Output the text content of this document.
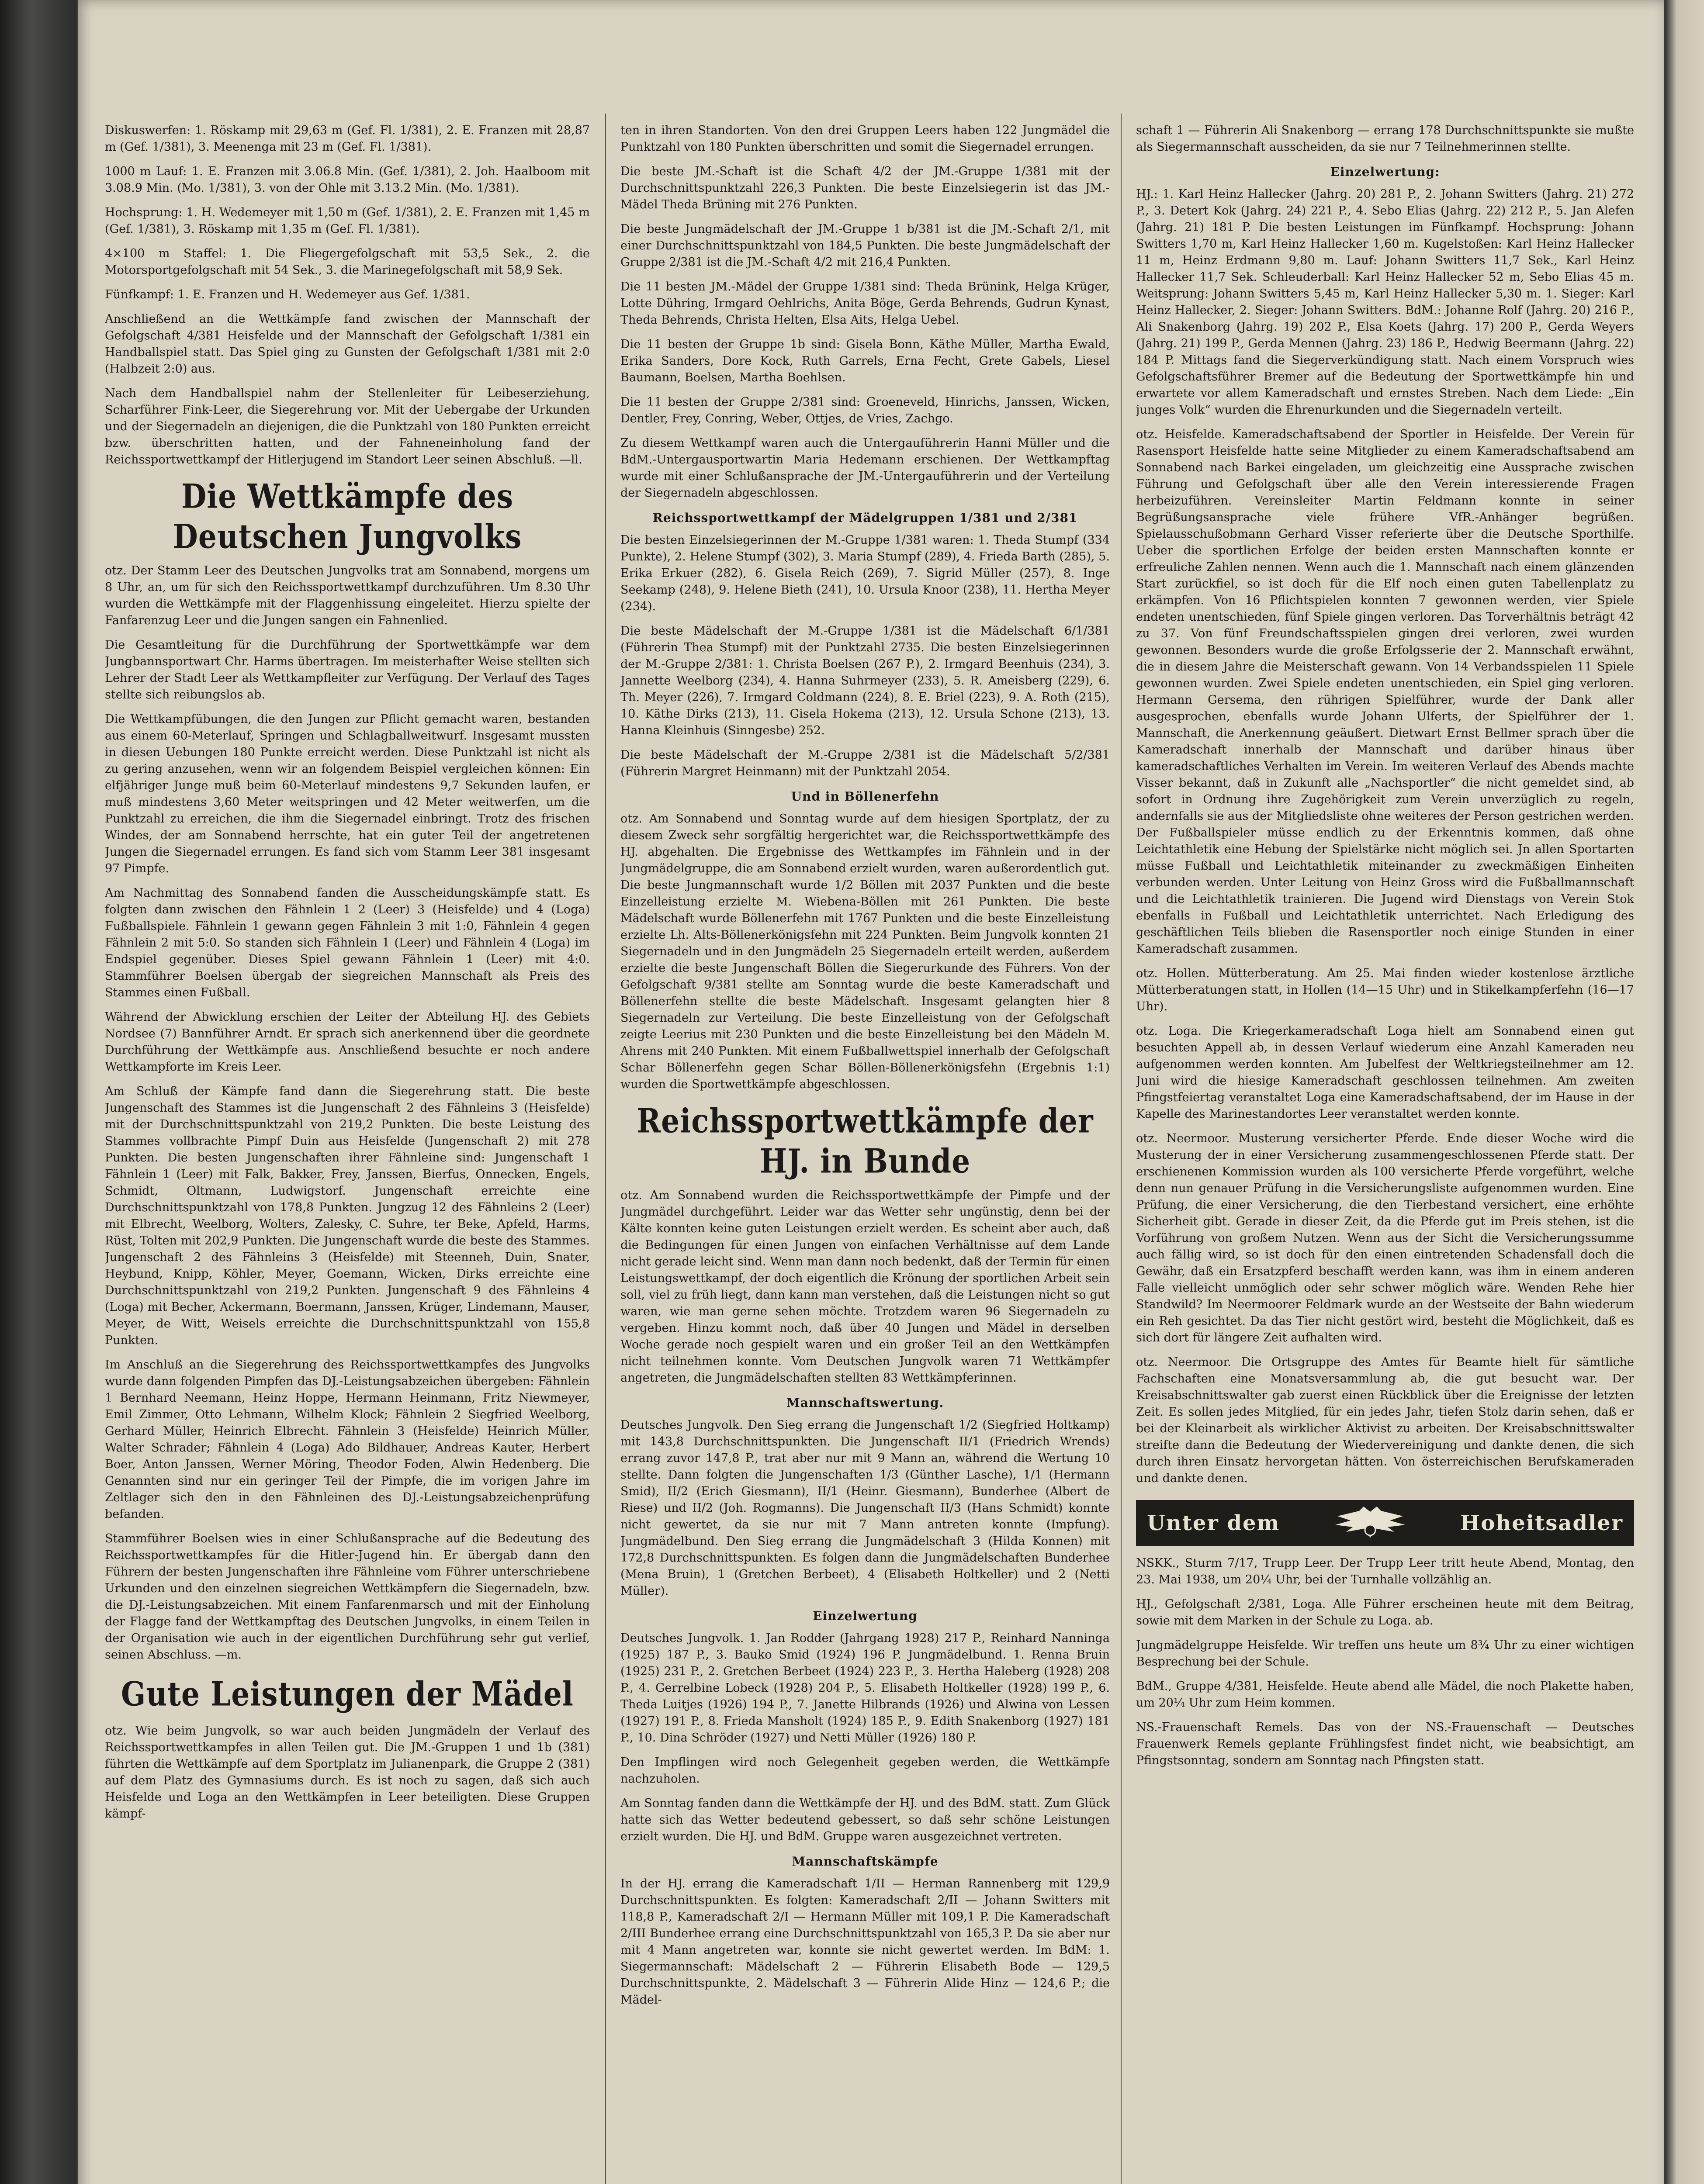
Diskuswerfen: 1. Röskamp mit 29,63 m (Gef. Fl. 1/381), 2. E. Franzen mit 28,87 m (Gef. 1/381), 3. Meenenga mit 23 m (Gef. Fl. 1/381).

1000 m Lauf: 1. E. Franzen mit 3.06.8 Min. (Gef. 1/381), 2. Joh. Haalboom mit 3.08.9 Min. (Mo. 1/381), 3. von der Ohle mit 3.13.2 Min. (Mo. 1/381).

Hochsprung: 1. H. Wedemeyer mit 1,50 m (Gef. 1/381), 2. E. Franzen mit 1,45 m (Gef. 1/381), 3. Röskamp mit 1,35 m (Gef. Fl. 1/381).

4×100 m Staffel: 1. Die Fliegergefolgschaft mit 53,5 Sek., 2. die Motorsportgefolgschaft mit 54 Sek., 3. die Marinegefolgschaft mit 58,9 Sek.

Fünfkampf: 1. E. Franzen und H. Wedemeyer aus Gef. 1/381.

Anschließend an die Wettkämpfe fand zwischen der Mannschaft der Gefolgschaft 4/381 Heisfelde und der Mannschaft der Gefolgschaft 1/381 ein Handballspiel statt. Das Spiel ging zu Gunsten der Gefolgschaft 1/381 mit 2:0 (Halbzeit 2:0) aus.

Nach dem Handballspiel nahm der Stellenleiter für Leibeserziehung, Scharführer Fink-Leer, die Siegerehrung vor. Mit der Uebergabe der Urkunden und der Siegernadeln an diejenigen, die die Punktzahl von 180 Punkten erreicht bzw. überschritten hatten, und der Fahneneinholung fand der Reichssportwettkampf der Hitlerjugend im Standort Leer seinen Abschluß. —ll.

Die Wettkämpfe des Deutschen Jungvolks

otz. Der Stamm Leer des Deutschen Jungvolks trat am Sonnabend, morgens um 8 Uhr, an, um für sich den Reichssportwettkampf durchzuführen. Um 8.30 Uhr wurden die Wettkämpfe mit der Flaggenhissung eingeleitet. Hierzu spielte der Fanfarenzug Leer und die Jungen sangen ein Fahnenlied.

Die Gesamtleitung für die Durchführung der Sportwettkämpfe war dem Jungbannsportwart Chr. Harms übertragen. Im meisterhafter Weise stellten sich Lehrer der Stadt Leer als Wettkampfleiter zur Verfügung. Der Verlauf des Tages stellte sich reibungslos ab.

Die Wettkampfübungen, die den Jungen zur Pflicht gemacht waren, bestanden aus einem 60-Meterlauf, Springen und Schlagballweitwurf. Insgesamt mussten in diesen Uebungen 180 Punkte erreicht werden. Diese Punktzahl ist nicht als zu gering anzusehen, wenn wir an folgendem Beispiel vergleichen können: Ein elfjähriger Junge muß beim 60-Meterlauf mindestens 9,7 Sekunden laufen, er muß mindestens 3,60 Meter weitspringen und 42 Meter weitwerfen, um die Punktzahl zu erreichen, die ihm die Siegernadel einbringt. Trotz des frischen Windes, der am Sonnabend herrschte, hat ein guter Teil der angetretenen Jungen die Siegernadel errungen. Es fand sich vom Stamm Leer 381 insgesamt 97 Pimpfe.

Am Nachmittag des Sonnabend fanden die Ausscheidungskämpfe statt. Es folgten dann zwischen den Fähnlein 1 2 (Leer) 3 (Heisfelde) und 4 (Loga) Fußballspiele. Fähnlein 1 gewann gegen Fähnlein 3 mit 1:0, Fähnlein 4 gegen Fähnlein 2 mit 5:0. So standen sich Fähnlein 1 (Leer) und Fähnlein 4 (Loga) im Endspiel gegenüber. Dieses Spiel gewann Fähnlein 1 (Leer) mit 4:0. Stammführer Boelsen übergab der siegreichen Mannschaft als Preis des Stammes einen Fußball.

Während der Abwicklung erschien der Leiter der Abteilung HJ. des Gebiets Nordsee (7) Bannführer Arndt. Er sprach sich anerkennend über die geordnete Durchführung der Wettkämpfe aus. Anschließend besuchte er noch andere Wettkampforte im Kreis Leer.

Am Schluß der Kämpfe fand dann die Siegerehrung statt. Die beste Jungenschaft des Stammes ist die Jungenschaft 2 des Fähnleins 3 (Heisfelde) mit der Durchschnittspunktzahl von 219,2 Punkten. Die beste Leistung des Stammes vollbrachte Pimpf Duin aus Heisfelde (Jungenschaft 2) mit 278 Punkten. Die besten Jungenschaften ihrer Fähnleine sind: Jungenschaft 1 Fähnlein 1 (Leer) mit Falk, Bakker, Frey, Janssen, Bierfus, Onnecken, Engels, Schmidt, Oltmann, Ludwigstorf. Jungenschaft erreichte eine Durchschnittspunktzahl von 178,8 Punkten. Jungzug 12 des Fähnleins 2 (Leer) mit Elbrecht, Weelborg, Wolters, Zalesky, C. Suhre, ter Beke, Apfeld, Harms, Rüst, Tolten mit 202,9 Punkten. Die Jungenschaft wurde die beste des Stammes. Jungenschaft 2 des Fähnleins 3 (Heisfelde) mit Steenneh, Duin, Snater, Heybund, Knipp, Köhler, Meyer, Goemann, Wicken, Dirks erreichte eine Durchschnittspunktzahl von 219,2 Punkten. Jungenschaft 9 des Fähnleins 4 (Loga) mit Becher, Ackermann, Boermann, Janssen, Krüger, Lindemann, Mauser, Meyer, de Witt, Weisels erreichte die Durchschnittspunktzahl von 155,8 Punkten.

Im Anschluß an die Siegerehrung des Reichssportwettkampfes des Jungvolks wurde dann folgenden Pimpfen das DJ.-Leistungsabzeichen übergeben: Fähnlein 1 Bernhard Neemann, Heinz Hoppe, Hermann Heinmann, Fritz Niewmeyer, Emil Zimmer, Otto Lehmann, Wilhelm Klock; Fähnlein 2 Siegfried Weelborg, Gerhard Müller, Heinrich Elbrecht. Fähnlein 3 (Heisfelde) Heinrich Müller, Walter Schrader; Fähnlein 4 (Loga) Ado Bildhauer, Andreas Kauter, Herbert Boer, Anton Janssen, Werner Möring, Theodor Foden, Alwin Hedenberg. Die Genannten sind nur ein geringer Teil der Pimpfe, die im vorigen Jahre im Zeltlager sich den in den Fähnleinen des DJ.-Leistungsabzeichenprüfung befanden.

Stammführer Boelsen wies in einer Schlußansprache auf die Bedeutung des Reichssportwettkampfes für die Hitler-Jugend hin. Er übergab dann den Führern der besten Jungenschaften ihre Fähnleine vom Führer unterschriebene Urkunden und den einzelnen siegreichen Wettkämpfern die Siegernadeln, bzw. die DJ.-Leistungsabzeichen. Mit einem Fanfarenmarsch und mit der Einholung der Flagge fand der Wettkampftag des Deutschen Jungvolks, in einem Teilen in der Organisation wie auch in der eigentlichen Durchführung sehr gut verlief, seinen Abschluss. —m.

Gute Leistungen der Mädel

otz. Wie beim Jungvolk, so war auch beiden Jungmädeln der Verlauf des Reichssportwettkampfes in allen Teilen gut. Die JM.-Gruppen 1 und 1b (381) führten die Wettkämpfe auf dem Sportplatz im Julianenpark, die Gruppe 2 (381) auf dem Platz des Gymnasiums durch. Es ist noch zu sagen, daß sich auch Heisfelde und Loga an den Wettkämpfen in Leer beteiligten. Diese Gruppen kämpf-

ten in ihren Standorten. Von den drei Gruppen Leers haben 122 Jungmädel die Punktzahl von 180 Punkten überschritten und somit die Siegernadel errungen.

Die beste JM.-Schaft ist die Schaft 4/2 der JM.-Gruppe 1/381 mit der Durchschnittspunktzahl 226,3 Punkten. Die beste Einzelsiegerin ist das JM.-Mädel Theda Brüning mit 276 Punkten.

Die beste Jungmädelschaft der JM.-Gruppe 1 b/381 ist die JM.-Schaft 2/1, mit einer Durchschnittspunktzahl von 184,5 Punkten. Die beste Jungmädelschaft der Gruppe 2/381 ist die JM.-Schaft 4/2 mit 216,4 Punkten.

Die 11 besten JM.-Mädel der Gruppe 1/381 sind: Theda Brünink, Helga Krüger, Lotte Dühring, Irmgard Oehlrichs, Anita Böge, Gerda Behrends, Gudrun Kynast, Theda Behrends, Christa Helten, Elsa Aits, Helga Uebel.

Die 11 besten der Gruppe 1b sind: Gisela Bonn, Käthe Müller, Martha Ewald, Erika Sanders, Dore Kock, Ruth Garrels, Erna Fecht, Grete Gabels, Liesel Baumann, Boelsen, Martha Boehlsen.

Die 11 besten der Gruppe 2/381 sind: Groeneveld, Hinrichs, Janssen, Wicken, Dentler, Frey, Conring, Weber, Ottjes, de Vries, Zachgo.

Zu diesem Wettkampf waren auch die Untergauführerin Hanni Müller und die BdM.-Untergausportwartin Maria Hedemann erschienen. Der Wettkampftag wurde mit einer Schlußansprache der JM.-Untergauführerin und der Verteilung der Siegernadeln abgeschlossen.

Reichssportwettkampf der Mädelgruppen 1/381 und 2/381

Die besten Einzelsiegerinnen der M.-Gruppe 1/381 waren: 1. Theda Stumpf (334 Punkte), 2. Helene Stumpf (302), 3. Maria Stumpf (289), 4. Frieda Barth (285), 5. Erika Erkuer (282), 6. Gisela Reich (269), 7. Sigrid Müller (257), 8. Inge Seekamp (248), 9. Helene Bieth (241), 10. Ursula Knoor (238), 11. Hertha Meyer (234).

Die beste Mädelschaft der M.-Gruppe 1/381 ist die Mädelschaft 6/1/381 (Führerin Thea Stumpf) mit der Punktzahl 2735. Die besten Einzelsiegerinnen der M.-Gruppe 2/381: 1. Christa Boelsen (267 P.), 2. Irmgard Beenhuis (234), 3. Jannette Weelborg (234), 4. Hanna Suhrmeyer (233), 5. R. Ameisberg (229), 6. Th. Meyer (226), 7. Irmgard Coldmann (224), 8. E. Briel (223), 9. A. Roth (215), 10. Käthe Dirks (213), 11. Gisela Hokema (213), 12. Ursula Schone (213), 13. Hanna Kleinhuis (Sinngesbe) 252.

Die beste Mädelschaft der M.-Gruppe 2/381 ist die Mädelschaft 5/2/381 (Führerin Margret Heinmann) mit der Punktzahl 2054.

Und in Böllenerfehn

otz. Am Sonnabend und Sonntag wurde auf dem hiesigen Sportplatz, der zu diesem Zweck sehr sorgfältig hergerichtet war, die Reichssportwettkämpfe des HJ. abgehalten. Die Ergebnisse des Wettkampfes im Fähnlein und in der Jungmädelgruppe, die am Sonnabend erzielt wurden, waren außerordentlich gut. Die beste Jungmannschaft wurde 1/2 Böllen mit 2037 Punkten und die beste Einzelleistung erzielte M. Wiebena-Böllen mit 261 Punkten. Die beste Mädelschaft wurde Böllenerfehn mit 1767 Punkten und die beste Einzelleistung erzielte Lh. Alts-Böllenerkönigsfehn mit 224 Punkten. Beim Jungvolk konnten 21 Siegernadeln und in den Jungmädeln 25 Siegernadeln erteilt werden, außerdem erzielte die beste Jungenschaft Böllen die Siegerurkunde des Führers. Von der Gefolgschaft 9/381 stellte am Sonntag wurde die beste Kameradschaft und Böllenerfehn stellte die beste Mädelschaft. Insgesamt gelangten hier 8 Siegernadeln zur Verteilung. Die beste Einzelleistung von der Gefolgschaft zeigte Leerius mit 230 Punkten und die beste Einzelleistung bei den Mädeln M. Ahrens mit 240 Punkten. Mit einem Fußballwettspiel innerhalb der Gefolgschaft Schar Böllenerfehn gegen Schar Böllen-Böllenerkönigsfehn (Ergebnis 1:1) wurden die Sportwettkämpfe abgeschlossen.

Reichssportwettkämpfe der HJ. in Bunde

otz. Am Sonnabend wurden die Reichssportwettkämpfe der Pimpfe und der Jungmädel durchgeführt. Leider war das Wetter sehr ungünstig, denn bei der Kälte konnten keine guten Leistungen erzielt werden. Es scheint aber auch, daß die Bedingungen für einen Jungen von einfachen Verhältnisse auf dem Lande nicht gerade leicht sind. Wenn man dann noch bedenkt, daß der Termin für einen Leistungswettkampf, der doch eigentlich die Krönung der sportlichen Arbeit sein soll, viel zu früh liegt, dann kann man verstehen, daß die Leistungen nicht so gut waren, wie man gerne sehen möchte. Trotzdem waren 96 Siegernadeln zu vergeben. Hinzu kommt noch, daß über 40 Jungen und Mädel in derselben Woche gerade noch gespielt waren und ein großer Teil an den Wettkämpfen nicht teilnehmen konnte. Vom Deutschen Jungvolk waren 71 Wettkämpfer angetreten, die Jungmädelschaften stellten 83 Wettkämpferinnen.

Mannschaftswertung.

Deutsches Jungvolk. Den Sieg errang die Jungenschaft 1/2 (Siegfried Holtkamp) mit 143,8 Durchschnittspunkten. Die Jungenschaft II/1 (Friedrich Wrends) errang zuvor 147,8 P., trat aber nur mit 9 Mann an, während die Wertung 10 stellte. Dann folgten die Jungenschaften 1/3 (Günther Lasche), 1/1 (Hermann Smid), II/2 (Erich Giesmann), II/1 (Heinr. Giesmann), Bunderhee (Albert de Riese) und II/2 (Joh. Rogmanns). Die Jungenschaft II/3 (Hans Schmidt) konnte nicht gewertet, da sie nur mit 7 Mann antreten konnte (Impfung). Jungmädelbund. Den Sieg errang die Jungmädelschaft 3 (Hilda Konnen) mit 172,8 Durchschnittspunkten. Es folgen dann die Jungmädelschaften Bunderhee (Mena Bruin), 1 (Gretchen Berbeet), 4 (Elisabeth Holtkeller) und 2 (Netti Müller).

Einzelwertung

Deutsches Jungvolk. 1. Jan Rodder (Jahrgang 1928) 217 P., Reinhard Nanninga (1925) 187 P., 3. Bauko Smid (1924) 196 P. Jungmädelbund. 1. Renna Bruin (1925) 231 P., 2. Gretchen Berbeet (1924) 223 P., 3. Hertha Haleberg (1928) 208 P., 4. Gerrelbine Lobeck (1928) 204 P., 5. Elisabeth Holtkeller (1928) 199 P., 6. Theda Luitjes (1926) 194 P., 7. Janette Hilbrands (1926) und Alwina von Lessen (1927) 191 P., 8. Frieda Mansholt (1924) 185 P., 9. Edith Snakenborg (1927) 181 P., 10. Dina Schröder (1927) und Netti Müller (1926) 180 P.

Den Impflingen wird noch Gelegenheit gegeben werden, die Wettkämpfe nachzuholen.

Am Sonntag fanden dann die Wettkämpfe der HJ. und des BdM. statt. Zum Glück hatte sich das Wetter bedeutend gebessert, so daß sehr schöne Leistungen erzielt wurden. Die HJ. und BdM. Gruppe waren ausgezeichnet vertreten.

Mannschaftskämpfe

In der HJ. errang die Kameradschaft 1/II — Herman Rannenberg mit 129,9 Durchschnittspunkten. Es folgten: Kameradschaft 2/II — Johann Switters mit 118,8 P., Kameradschaft 2/I — Hermann Müller mit 109,1 P. Die Kameradschaft 2/III Bunderhee errang eine Durchschnittspunktzahl von 165,3 P. Da sie aber nur mit 4 Mann angetreten war, konnte sie nicht gewertet werden. Im BdM: 1. Siegermannschaft: Mädelschaft 2 — Führerin Elisabeth Bode — 129,5 Durchschnittspunkte, 2. Mädelschaft 3 — Führerin Alide Hinz — 124,6 P.; die Mädel-

schaft 1 — Führerin Ali Snakenborg — errang 178 Durchschnittspunkte sie mußte als Siegermannschaft ausscheiden, da sie nur 7 Teilnehmerinnen stellte.

Einzelwertung:

HJ.: 1. Karl Heinz Hallecker (Jahrg. 20) 281 P., 2. Johann Switters (Jahrg. 21) 272 P., 3. Detert Kok (Jahrg. 24) 221 P., 4. Sebo Elias (Jahrg. 22) 212 P., 5. Jan Alefen (Jahrg. 21) 181 P. Die besten Leistungen im Fünfkampf. Hochsprung: Johann Switters 1,70 m, Karl Heinz Hallecker 1,60 m. Kugelstoßen: Karl Heinz Hallecker 11 m, Heinz Erdmann 9,80 m. Lauf: Johann Switters 11,7 Sek., Karl Heinz Hallecker 11,7 Sek. Schleuderball: Karl Heinz Hallecker 52 m, Sebo Elias 45 m. Weitsprung: Johann Switters 5,45 m, Karl Heinz Hallecker 5,30 m. 1. Sieger: Karl Heinz Hallecker, 2. Sieger: Johann Switters. BdM.: Johanne Rolf (Jahrg. 20) 216 P., Ali Snakenborg (Jahrg. 19) 202 P., Elsa Koets (Jahrg. 17) 200 P., Gerda Weyers (Jahrg. 21) 199 P., Gerda Mennen (Jahrg. 23) 186 P., Hedwig Beermann (Jahrg. 22) 184 P. Mittags fand die Siegerverkündigung statt. Nach einem Vorspruch wies Gefolgschaftsführer Bremer auf die Bedeutung der Sportwettkämpfe hin und erwartete vor allem Kameradschaft und ernstes Streben. Nach dem Liede: „Ein junges Volk“ wurden die Ehrenurkunden und die Siegernadeln verteilt.

otz. Heisfelde. Kameradschaftsabend der Sportler in Heisfelde. Der Verein für Rasensport Heisfelde hatte seine Mitglieder zu einem Kameradschaftsabend am Sonnabend nach Barkei eingeladen, um gleichzeitig eine Aussprache zwischen Führung und Gefolgschaft über alle den Verein interessierende Fragen herbeizuführen. Vereinsleiter Martin Feldmann konnte in seiner Begrüßungsansprache viele frühere VfR.-Anhänger begrüßen. Spielausschußobmann Gerhard Visser referierte über die Deutsche Sporthilfe. Ueber die sportlichen Erfolge der beiden ersten Mannschaften konnte er erfreuliche Zahlen nennen. Wenn auch die 1. Mannschaft nach einem glänzenden Start zurückfiel, so ist doch für die Elf noch einen guten Tabellenplatz zu erkämpfen. Von 16 Pflichtspielen konnten 7 gewonnen werden, vier Spiele endeten unentschieden, fünf Spiele gingen verloren. Das Torverhältnis beträgt 42 zu 37. Von fünf Freundschaftsspielen gingen drei verloren, zwei wurden gewonnen. Besonders wurde die große Erfolgsserie der 2. Mannschaft erwähnt, die in diesem Jahre die Meisterschaft gewann. Von 14 Verbandsspielen 11 Spiele gewonnen wurden. Zwei Spiele endeten unentschieden, ein Spiel ging verloren. Hermann Gersema, den rührigen Spielführer, wurde der Dank aller ausgesprochen, ebenfalls wurde Johann Ulferts, der Spielführer der 1. Mannschaft, die Anerkennung geäußert. Dietwart Ernst Bellmer sprach über die Kameradschaft innerhalb der Mannschaft und darüber hinaus über kameradschaftliches Verhalten im Verein. Im weiteren Verlauf des Abends machte Visser bekannt, daß in Zukunft alle „Nachsportler“ die nicht gemeldet sind, ab sofort in Ordnung ihre Zugehörigkeit zum Verein unverzüglich zu regeln, andernfalls sie aus der Mitgliedsliste ohne weiteres der Person gestrichen werden. Der Fußballspieler müsse endlich zu der Erkenntnis kommen, daß ohne Leichtathletik eine Hebung der Spielstärke nicht möglich sei. Jn allen Sportarten müsse Fußball und Leichtathletik miteinander zu zweckmäßigen Einheiten verbunden werden. Unter Leitung von Heinz Gross wird die Fußballmannschaft und die Leichtathletik trainieren. Die Jugend wird Dienstags von Verein Stok ebenfalls in Fußball und Leichtathletik unterrichtet. Nach Erledigung des geschäftlichen Teils blieben die Rasensportler noch einige Stunden in einer Kameradschaft zusammen.

otz. Hollen. Mütterberatung. Am 25. Mai finden wieder kostenlose ärztliche Mütterberatungen statt, in Hollen (14—15 Uhr) und in Stikelkampferfehn (16—17 Uhr).

otz. Loga. Die Kriegerkameradschaft Loga hielt am Sonnabend einen gut besuchten Appell ab, in dessen Verlauf wiederum eine Anzahl Kameraden neu aufgenommen werden konnten. Am Jubelfest der Weltkriegsteilnehmer am 12. Juni wird die hiesige Kameradschaft geschlossen teilnehmen. Am zweiten Pfingstfeiertag veranstaltet Loga eine Kameradschaftsabend, der im Hause in der Kapelle des Marinestandortes Leer veranstaltet werden konnte.

otz. Neermoor. Musterung versicherter Pferde. Ende dieser Woche wird die Musterung der in einer Versicherung zusammengeschlossenen Pferde statt. Der erschienenen Kommission wurden als 100 versicherte Pferde vorgeführt, welche denn nun genauer Prüfung in die Versicherungsliste aufgenommen wurden. Eine Prüfung, die einer Versicherung, die den Tierbestand versichert, eine erhöhte Sicherheit gibt. Gerade in dieser Zeit, da die Pferde gut im Preis stehen, ist die Vorführung von großem Nutzen. Wenn aus der Sicht die Versicherungssumme auch fällig wird, so ist doch für den einen eintretenden Schadensfall doch die Gewähr, daß ein Ersatzpferd beschafft werden kann, was ihm in einem anderen Falle vielleicht unmöglich oder sehr schwer möglich wäre. Wenden Rehe hier Standwild? Im Neermoorer Feldmark wurde an der Westseite der Bahn wiederum ein Reh gesichtet. Da das Tier nicht gestört wird, besteht die Möglichkeit, daß es sich dort für längere Zeit aufhalten wird.

otz. Neermoor. Die Ortsgruppe des Amtes für Beamte hielt für sämtliche Fachschaften eine Monatsversammlung ab, die gut besucht war. Der Kreisabschnittswalter gab zuerst einen Rückblick über die Ereignisse der letzten Zeit. Es sollen jedes Mitglied, für ein jedes Jahr, tiefen Stolz darin sehen, daß er bei der Kleinarbeit als wirklicher Aktivist zu arbeiten. Der Kreisabschnittswalter streifte dann die Bedeutung der Wiedervereinigung und dankte denen, die sich durch ihren Einsatz hervorgetan hätten. Von österreichischen Berufskameraden und dankte denen.

Unter dem	Hoheitsadler

NSKK., Sturm 7/17, Trupp Leer. Der Trupp Leer tritt heute Abend, Montag, den 23. Mai 1938, um 20¼ Uhr, bei der Turnhalle vollzählig an.

HJ., Gefolgschaft 2/381, Loga. Alle Führer erscheinen heute mit dem Beitrag, sowie mit dem Marken in der Schule zu Loga. ab.

Jungmädelgruppe Heisfelde. Wir treffen uns heute um 8¾ Uhr zu einer wichtigen Besprechung bei der Schule.

BdM., Gruppe 4/381, Heisfelde. Heute abend alle Mädel, die noch Plakette haben, um 20¼ Uhr zum Heim kommen.

NS.-Frauenschaft Remels. Das von der NS.-Frauenschaft — Deutsches Frauenwerk Remels geplante Frühlingsfest findet nicht, wie beabsichtigt, am Pfingstsonntag, sondern am Sonntag nach Pfingsten statt.
